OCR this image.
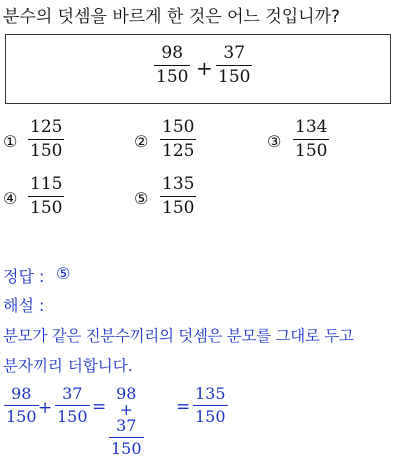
분수의 덧셈을 바르게 한 것은 어느 것입니까?
98
150 +
37
150
①
125
150	②
150
125	③
134
150
④
115
150	⑤
135
150
정답 : ⑤
해설 :
분모가 같은 진분수끼리의 덧셈은 분모를 그대로 두고
분자끼리 더합니다.
98
150 +
37
150 =
98 + 37
150
=
135
150
